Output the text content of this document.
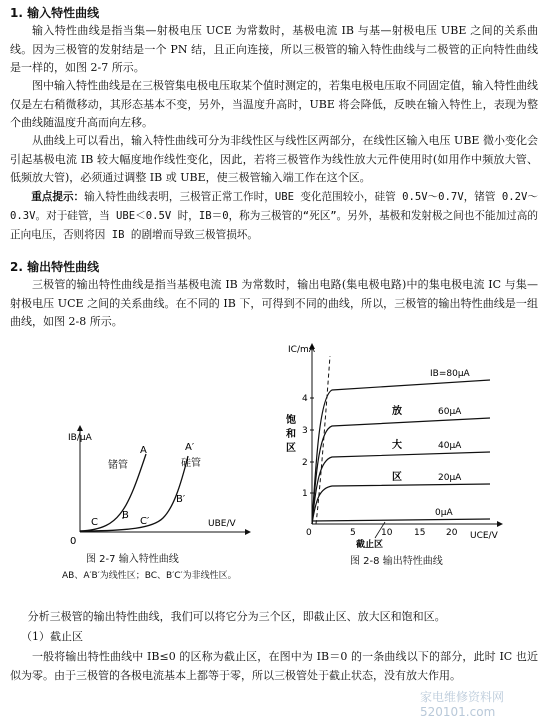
1. 输入特性曲线

输入特性曲线是指当集—射极电压 UCE 为常数时，基极电流 IB 与基—射极电压 UBE 之间的关系曲线。因为三极管的发射结是一个 PN 结，且正向连接，所以三极管的输入特性曲线与二极管的正向特性曲线是一样的，如图 2-7 所示。

图中输入特性曲线是在三极管集电极电压取某个值时测定的，若集电极电压取不同固定值，输入特性曲线仅是左右稍微移动，其形态基本不变，另外，当温度升高时，UBE 将会降低，反映在输入特性上，表现为整个曲线随温度升高而向左移。

从曲线上可以看出，输入特性曲线可分为非线性区与线性区两部分，在线性区输入电压 UBE 微小变化会引起基极电流 IB 较大幅度地作线性变化，因此，若将三极管作为线性放大元件使用时(如用作中频放大管、低频放大管)，必须通过调整 IB 或 UBE，使三极管输入端工作在这个区。

重点提示：输入特性曲线表明，三极管正常工作时，UBE 变化范围较小，硅管 0.5V～0.7V，锗管 0.2V～0.3V。对于硅管，当 UBE＜0.5V 时，IB＝0，称为三极管的“死区”。另外，基极和发射极之间也不能加过高的正向电压，否则将因 IB 的剧增而导致三极管损坏。

2. 输出特性曲线

三极管的输出特性曲线是指当基极电流 IB 为常数时，输出电路(集电极电路)中的集电极电流 IC 与集—射极电压 UCE 之间的关系曲线。在不同的 IB 下，可得到不同的曲线，所以，三极管的输出特性曲线是一组曲线，如图 2-8 所示。

IB/μA
UBE/V
锗管	硅管
A	A′
B
B′
C	C′
0
图 2-7 输入特性曲线
AB、A′B′为线性区；BC、B′C′为非线性区。
4
3
2
1
0	5	10 15 20
IC/mA
UCE/V
IB=80μA
60μA
40μA
20μA
0μA
饱
和
区
放
大
区
截止区
图 2-8 输出特性曲线

分析三极管的输出特性曲线，我们可以将它分为三个区，即截止区、放大区和饱和区。

（1）截止区

一般将输出特性曲线中 IB≤0 的区称为截止区，在图中为 IB＝0 的一条曲线以下的部分，此时 IC 也近似为零。由于三极管的各极电流基本上都等于零，所以三极管处于截止状态，没有放大作用。

家电维修资料网 520101.com
